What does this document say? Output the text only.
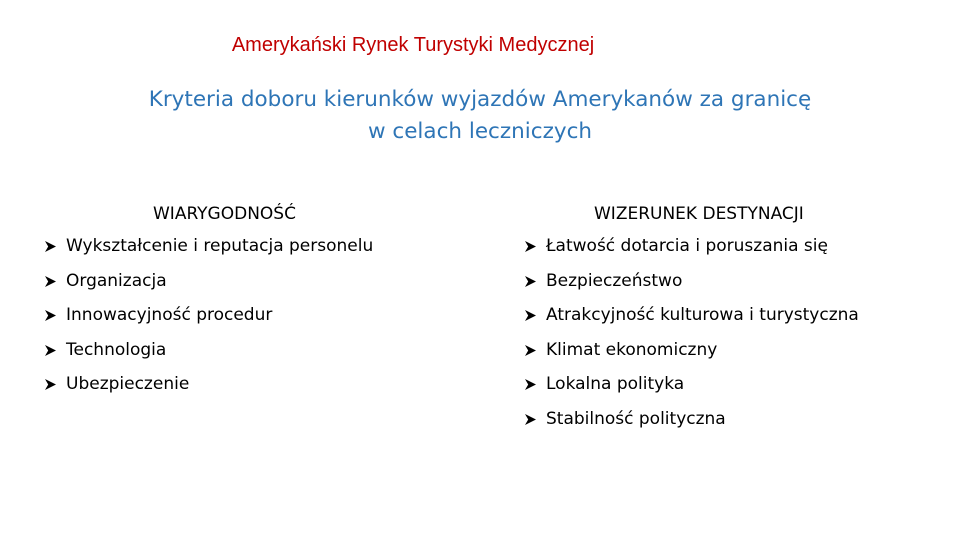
Amerykański Rynek Turystyki Medycznej
Kryteria doboru kierunków wyjazdów Amerykanów za granicę
w celach leczniczych
WIARYGODNOŚĆ
Wykształcenie i reputacja personelu
Organizacja
Innowacyjność procedur
Technologia
Ubezpieczenie
WIZERUNEK DESTYNACJI
Łatwość dotarcia i poruszania się
Bezpieczeństwo
Atrakcyjność kulturowa i turystyczna
Klimat ekonomiczny
Lokalna polityka
Stabilność polityczna
